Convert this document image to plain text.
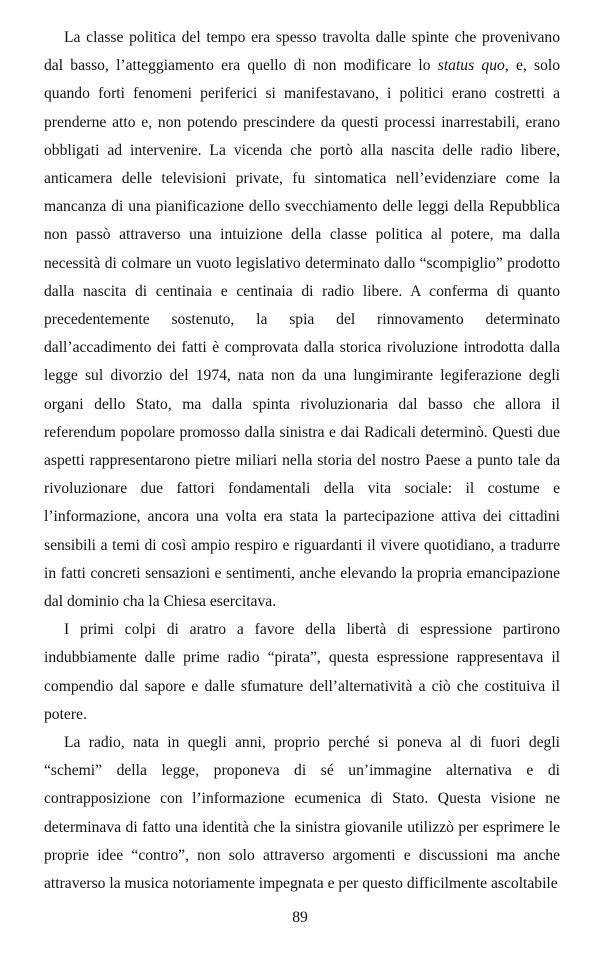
La classe politica del tempo era spesso travolta dalle spinte che provenivano dal basso, l’atteggiamento era quello di non modificare lo status quo, e, solo quando forti fenomeni periferici si manifestavano, i politici erano costretti a prenderne atto e, non potendo prescindere da questi processi inarrestabili, erano obbligati ad intervenire. La vicenda che portò alla nascita delle radio libere, anticamera delle televisioni private, fu sintomatica nell’evidenziare come la mancanza di una pianificazione dello svecchiamento delle leggi della Repubblica non passò attraverso una intuizione della classe politica al potere, ma dalla necessità di colmare un vuoto legislativo determinato dallo “scompiglio” prodotto dalla nascita di centinaia e centinaia di radio libere. A conferma di quanto precedentemente sostenuto, la spia del rinnovamento determinato dall’accadimento dei fatti è comprovata dalla storica rivoluzione introdotta dalla legge sul divorzio del 1974, nata non da una lungimirante legiferazione degli organi dello Stato, ma dalla spinta rivoluzionaria dal basso che allora il referendum popolare promosso dalla sinistra e dai Radicali determinò. Questi due aspetti rappresentarono pietre miliari nella storia del nostro Paese a punto tale da rivoluzionare due fattori fondamentali della vita sociale: il costume e l’informazione, ancora una volta era stata la partecipazione attiva dei cittadini sensibili a temi di così ampio respiro e riguardanti il vivere quotidiano, a tradurre in fatti concreti sensazioni e sentimenti, anche elevando la propria emancipazione dal dominio cha la Chiesa esercitava.

I primi colpi di aratro a favore della libertà di espressione partirono indubbiamente dalle prime radio “pirata”, questa espressione rappresentava il compendio dal sapore e dalle sfumature dell’alternatività a ciò che costituiva il potere.

La radio, nata in quegli anni, proprio perché si poneva al di fuori degli “schemi” della legge, proponeva di sé un’immagine alternativa e di contrapposizione con l’informazione ecumenica di Stato. Questa visione ne determinava di fatto una identità che la sinistra giovanile utilizzò per esprimere le proprie idee “contro”, non solo attraverso argomenti e discussioni ma anche attraverso la musica notoriamente impegnata e per questo difficilmente ascoltabile

89
